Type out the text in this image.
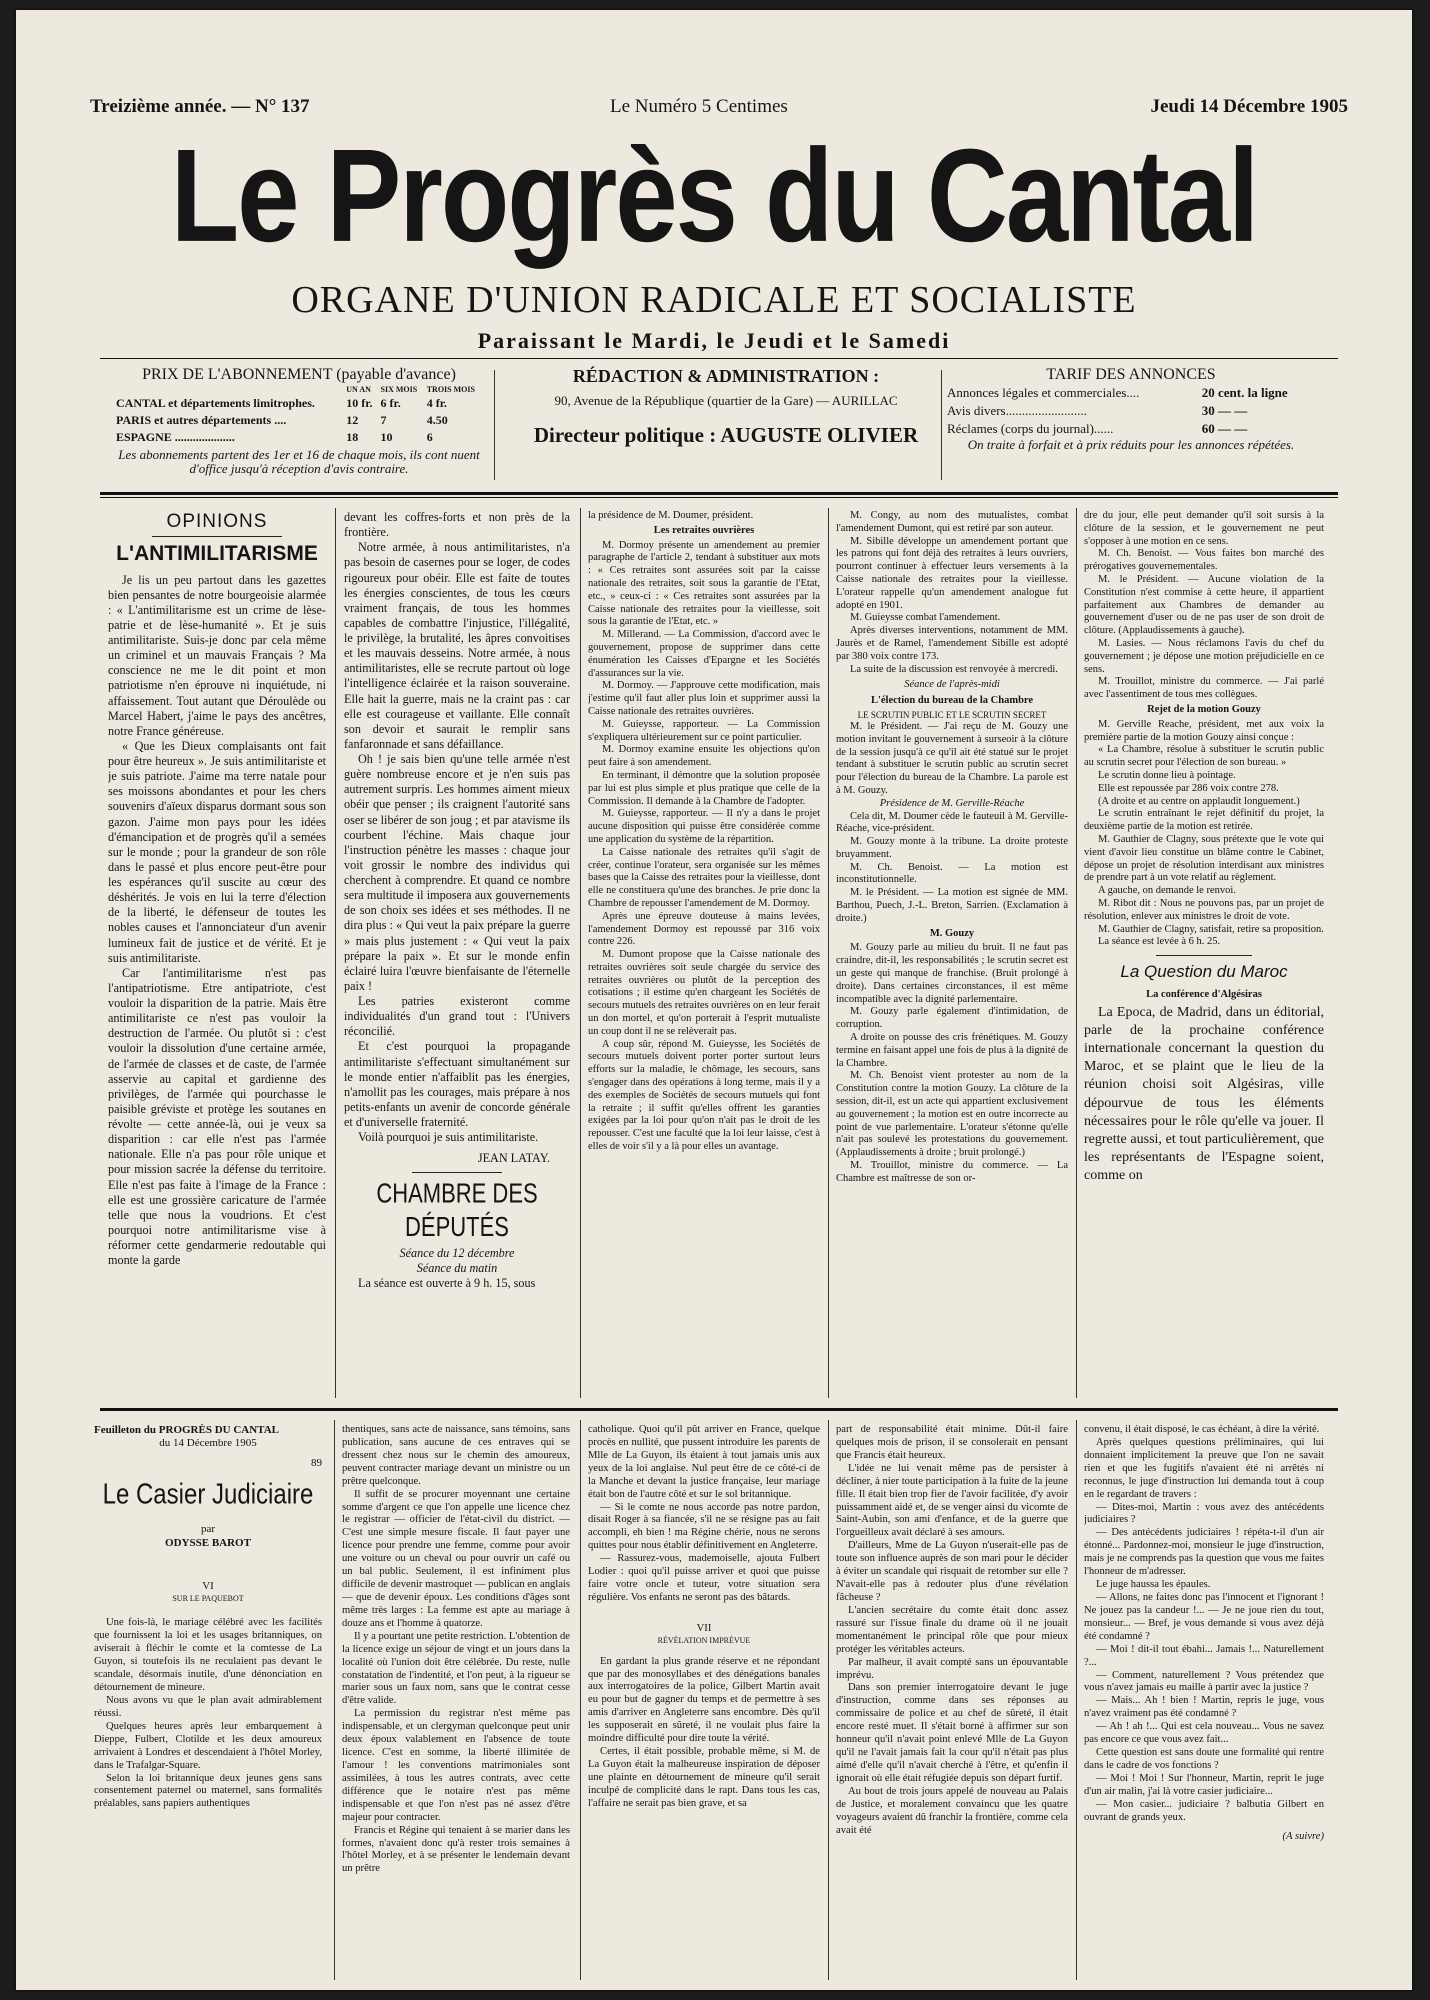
Treizième année. — N° 137	Le Numéro 5 Centimes	Jeudi 14 Décembre 1905
Le Progrès du Cantal
ORGANE D'UNION RADICALE ET SOCIALISTE
Paraissant le Mardi, le Jeudi et le Samedi
PRIX DE L'ABONNEMENT (payable d'avance)
	UN AN	SIX MOIS	TROIS MOIS
CANTAL et départements limitrophes.	10 fr.	6 fr.	4 fr.
PARIS et autres départements ....	12	7	4.50
ESPAGNE ....................	18	10	6
Les abonnements partent des 1er et 16 de chaque mois, ils cont nuent d'office jusqu'à réception d'avis contraire.
RÉDACTION & ADMINISTRATION :
90, Avenue de la République (quartier de la Gare) — AURILLAC
Directeur politique : AUGUSTE OLIVIER
TARIF DES ANNONCES
Annonces légales et commerciales....	20 cent. la ligne
Avis divers.........................	30 — —
Réclames (corps du journal)......	60 — —
On traite à forfait et à prix réduits pour les annonces répétées.
OPINIONS
L'ANTIMILITARISME

Je lis un peu partout dans les gazettes bien pensantes de notre bourgeoisie alarmée : « L'antimilitarisme est un crime de lèse-patrie et de lèse-humanité ». Et je suis antimilitariste. Suis-je donc par cela même un criminel et un mauvais Français ? Ma conscience ne me le dit point et mon patriotisme n'en éprouve ni inquiétude, ni affaissement. Tout autant que Déroulède ou Marcel Habert, j'aime le pays des ancêtres, notre France généreuse.

« Que les Dieux complaisants ont fait pour être heureux ». Je suis antimilitariste et je suis patriote. J'aime ma terre natale pour ses moissons abondantes et pour les chers souvenirs d'aïeux disparus dormant sous son gazon. J'aime mon pays pour les idées d'émancipation et de progrès qu'il a semées sur le monde ; pour la grandeur de son rôle dans le passé et plus encore peut-être pour les espérances qu'il suscite au cœur des déshérités. Je vois en lui la terre d'élection de la liberté, le défenseur de toutes les nobles causes et l'annonciateur d'un avenir lumineux fait de justice et de vérité. Et je suis antimilitariste.

Car l'antimilitarisme n'est pas l'antipatriotisme. Etre antipatriote, c'est vouloir la disparition de la patrie. Mais être antimilitariste ce n'est pas vouloir la destruction de l'armée. Ou plutôt si : c'est vouloir la dissolution d'une certaine armée, de l'armée de classes et de caste, de l'armée asservie au capital et gardienne des privilèges, de l'armée qui pourchasse le paisible gréviste et protège les soutanes en révolte — cette année-là, oui je veux sa disparition : car elle n'est pas l'armée nationale. Elle n'a pas pour rôle unique et pour mission sacrée la défense du territoire. Elle n'est pas faite à l'image de la France : elle est une grossière caricature de l'armée telle que nous la voudrions. Et c'est pourquoi notre antimilitarisme vise à réformer cette gendarmerie redoutable qui monte la garde

devant les coffres-forts et non près de la frontière.

Notre armée, à nous antimilitaristes, n'a pas besoin de casernes pour se loger, de codes rigoureux pour obéir. Elle est faite de toutes les énergies conscientes, de tous les cœurs vraiment français, de tous les hommes capables de combattre l'injustice, l'illégalité, le privilège, la brutalité, les âpres convoitises et les mauvais desseins. Notre armée, à nous antimilitaristes, elle se recrute partout où loge l'intelligence éclairée et la raison souveraine. Elle hait la guerre, mais ne la craint pas : car elle est courageuse et vaillante. Elle connaît son devoir et saurait le remplir sans fanfaronnade et sans défaillance.

Oh ! je sais bien qu'une telle armée n'est guère nombreuse encore et je n'en suis pas autrement surpris. Les hommes aiment mieux obéir que penser ; ils craignent l'autorité sans oser se libérer de son joug ; et par atavisme ils courbent l'échine. Mais chaque jour l'instruction pénètre les masses : chaque jour voit grossir le nombre des individus qui cherchent à comprendre. Et quand ce nombre sera multitude il imposera aux gouvernements de son choix ses idées et ses méthodes. Il ne dira plus : « Qui veut la paix prépare la guerre » mais plus justement : « Qui veut la paix prépare la paix ». Et sur le monde enfin éclairé luira l'œuvre bienfaisante de l'éternelle paix !

Les patries existeront comme individualités d'un grand tout : l'Univers réconcilié.

Et c'est pourquoi la propagande antimilitariste s'effectuant simultanément sur le monde entier n'affaiblit pas les énergies, n'amollit pas les courages, mais prépare à nos petits-enfants un avenir de concorde générale et d'universelle fraternité.

Voilà pourquoi je suis antimilitariste.

JEAN LATAY.
CHAMBRE DES DÉPUTÉS
Séance du 12 décembre
Séance du matin

La séance est ouverte à 9 h. 15, sous

la présidence de M. Doumer, président.

Les retraites ouvrières

M. Dormoy présente un amendement au premier paragraphe de l'article 2, tendant à substituer aux mots : « Ces retraites sont assurées soit par la caisse nationale des retraites, soit sous la garantie de l'Etat, etc., » ceux-ci : « Ces retraites sont assurées par la Caisse nationale des retraites pour la vieillesse, soit sous la garantie de l'Etat, etc. »

M. Millerand. — La Commission, d'accord avec le gouvernement, propose de supprimer dans cette énumération les Caisses d'Epargne et les Sociétés d'assurances sur la vie.

M. Dormoy. — J'approuve cette modification, mais j'estime qu'il faut aller plus loin et supprimer aussi la Caisse nationale des retraites ouvrières.

M. Guieysse, rapporteur. — La Commission s'expliquera ultérieurement sur ce point particulier.

M. Dormoy examine ensuite les objections qu'on peut faire à son amendement.

En terminant, il démontre que la solution proposée par lui est plus simple et plus pratique que celle de la Commission. Il demande à la Chambre de l'adopter.

M. Guieysse, rapporteur. — Il n'y a dans le projet aucune disposition qui puisse être considérée comme une application du système de la répartition.

La Caisse nationale des retraites qu'il s'agit de créer, continue l'orateur, sera organisée sur les mêmes bases que la Caisse des retraites pour la vieillesse, dont elle ne constituera qu'une des branches. Je prie donc la Chambre de repousser l'amendement de M. Dormoy.

Après une épreuve douteuse à mains levées, l'amendement Dormoy est repoussé par 316 voix contre 226.

M. Dumont propose que la Caisse nationale des retraites ouvrières soit seule chargée du service des retraites ouvrières ou plutôt de la perception des cotisations ; il estime qu'en chargeant les Sociétés de secours mutuels des retraites ouvrières on en leur ferait un don mortel, et qu'on porterait à l'esprit mutualiste un coup dont il ne se relèverait pas.

A coup sûr, répond M. Guieysse, les Sociétés de secours mutuels doivent porter porter surtout leurs efforts sur la maladie, le chômage, les secours, sans s'engager dans des opérations à long terme, mais il y a des exemples de Sociétés de secours mutuels qui font la retraite ; il suffit qu'elles offrent les garanties exigées par la loi pour qu'on n'ait pas le droit de les repousser. C'est une faculté que la loi leur laisse, c'est à elles de voir s'il y a là pour elles un avantage.

M. Congy, au nom des mutualistes, combat l'amendement Dumont, qui est retiré par son auteur.

M. Sibille développe un amendement portant que les patrons qui font déjà des retraites à leurs ouvriers, pourront continuer à effectuer leurs versements à la Caisse nationale des retraites pour la vieillesse. L'orateur rappelle qu'un amendement analogue fut adopté en 1901.

M. Guieysse combat l'amendement.

Après diverses interventions, notamment de MM. Jaurès et de Ramel, l'amendement Sibille est adopté par 380 voix contre 173.

La suite de la discussion est renvoyée à mercredi.

Séance de l'après-midi
L'élection du bureau de la Chambre
LE SCRUTIN PUBLIC ET LE SCRUTIN SECRET

M. le Président. — J'ai reçu de M. Gouzy une motion invitant le gouvernement à surseoir à la clôture de la session jusqu'à ce qu'il ait été statué sur le projet tendant à substituer le scrutin public au scrutin secret pour l'élection du bureau de la Chambre. La parole est à M. Gouzy.

Présidence de M. Gerville-Réache

Cela dit, M. Doumer cède le fauteuil à M. Gerville-Réache, vice-président.

M. Gouzy monte à la tribune. La droite proteste bruyamment.

M. Ch. Benoist. — La motion est inconstitutionnelle.

M. le Président. — La motion est signée de MM. Barthou, Puech, J.-L. Breton, Sarrien. (Exclamation à droite.)

M. Gouzy

M. Gouzy parle au milieu du bruit. Il ne faut pas craindre, dit-il, les responsabilités ; le scrutin secret est un geste qui manque de franchise. (Bruit prolongé à droite). Dans certaines circonstances, il est même incompatible avec la dignité parlementaire.

M. Gouzy parle également d'intimidation, de corruption.

A droite on pousse des cris frénétiques. M. Gouzy termine en faisant appel une fois de plus à la dignité de la Chambre.

M. Ch. Benoist vient protester au nom de la Constitution contre la motion Gouzy. La clôture de la session, dit-il, est un acte qui appartient exclusivement au gouvernement ; la motion est en outre incorrecte au point de vue parlementaire. L'orateur s'étonne qu'elle n'ait pas soulevé les protestations du gouvernement. (Applaudissements à droite ; bruit prolongé.)

M. Trouillot, ministre du commerce. — La Chambre est maîtresse de son or-

dre du jour, elle peut demander qu'il soit sursis à la clôture de la session, et le gouvernement ne peut s'opposer à une motion en ce sens.

M. Ch. Benoist. — Vous faites bon marché des prérogatives gouvernementales.

M. le Président. — Aucune violation de la Constitution n'est commise à cette heure, il appartient parfaitement aux Chambres de demander au gouvernement d'user ou de ne pas user de son droit de clôture. (Applaudissements à gauche).

M. Lasies. — Nous réclamons l'avis du chef du gouvernement ; je dépose une motion préjudicielle en ce sens.

M. Trouillot, ministre du commerce. — J'ai parlé avec l'assentiment de tous mes collègues.

Rejet de la motion Gouzy

M. Gerville Reache, président, met aux voix la première partie de la motion Gouzy ainsi conçue :

« La Chambre, résolue à substituer le scrutin public au scrutin secret pour l'élection de son bureau. »

Le scrutin donne lieu à pointage.

Elle est repoussée par 286 voix contre 278.

(A droite et au centre on applaudit longuement.)

Le scrutin entraînant le rejet définitif du projet, la deuxième partie de la motion est retirée.

M. Gauthier de Clagny, sous prétexte que le vote qui vient d'avoir lieu constitue un blâme contre le Cabinet, dépose un projet de résolution interdisant aux ministres de prendre part à un vote relatif au règlement.

A gauche, on demande le renvoi.

M. Ribot dit : Nous ne pouvons pas, par un projet de résolution, enlever aux ministres le droit de vote.

M. Gauthier de Clagny, satisfait, retire sa proposition.

La séance est levée à 6 h. 25.

La Question du Maroc
La conférence d'Algésiras

La Epoca, de Madrid, dans un éditorial, parle de la prochaine conférence internationale concernant la question du Maroc, et se plaint que le lieu de la réunion choisi soit Algésiras, ville dépourvue de tous les éléments nécessaires pour le rôle qu'elle va jouer. Il regrette aussi, et tout particulièrement, que les représentants de l'Espagne soient, comme on

Feuilleton du PROGRÈS DU CANTAL
du 14 Décembre 1905
89
Le Casier Judiciaire
par
ODYSSE BAROT
VI
SUR LE PAQUEBOT

Une fois-là, le mariage célébré avec les facilités que fournissent la loi et les usages britanniques, on aviserait à fléchir le comte et la comtesse de La Guyon, si toutefois ils ne reculaient pas devant le scandale, désormais inutile, d'une dénonciation en détournement de mineure.

Nous avons vu que le plan avait admirablement réussi.

Quelques heures après leur embarquement à Dieppe, Fulbert, Clotilde et les deux amoureux arrivaient à Londres et descendaient à l'hôtel Morley, dans le Trafalgar-Square.

Selon la loi britannique deux jeunes gens sans consentement paternel ou maternel, sans formalités préalables, sans papiers authentiques

thentiques, sans acte de naissance, sans témoins, sans publication, sans aucune de ces entraves qui se dressent chez nous sur le chemin des amoureux, peuvent contracter mariage devant un ministre ou un prêtre quelconque.

Il suffit de se procurer moyennant une certaine somme d'argent ce que l'on appelle une licence chez le registrar — officier de l'état-civil du district. — C'est une simple mesure fiscale. Il faut payer une licence pour prendre une femme, comme pour avoir une voiture ou un cheval ou pour ouvrir un café ou un bal public. Seulement, il est infiniment plus difficile de devenir mastroquet — publican en anglais — que de devenir époux. Les conditions d'âges sont même très larges : La femme est apte au mariage à douze ans et l'homme à quatorze.

Il y a pourtant une petite restriction. L'obtention de la licence exige un séjour de vingt et un jours dans la localité où l'union doit être célébrée. Du reste, nulle constatation de l'indentité, et l'on peut, à la rigueur se marier sous un faux nom, sans que le contrat cesse d'être valide.

La permission du registrar n'est même pas indispensable, et un clergyman quelconque peut unir deux époux valablement en l'absence de toute licence. C'est en somme, la liberté illimitée de l'amour ! les conventions matrimoniales sont assimilées, à tous les autres contrats, avec cette différence que le notaire n'est pas même indispensable et que l'on n'est pas né assez d'être majeur pour contracter.

Francis et Régine qui tenaient à se marier dans les formes, n'avaient donc qu'à rester trois semaines à l'hôtel Morley, et à se présenter le lendemain devant un prêtre

catholique. Quoi qu'il pût arriver en France, quelque procès en nullité, que pussent introduire les parents de Mlle de La Guyon, ils étaient à tout jamais unis aux yeux de la loi anglaise. Nul peut être de ce côté-ci de la Manche et devant la justice française, leur mariage était bon de l'autre côté et sur le sol britannique.

— Si le comte ne nous accorde pas notre pardon, disait Roger à sa fiancée, s'il ne se résigne pas au fait accompli, eh bien ! ma Régine chérie, nous ne serons quittes pour nous établir définitivement en Angleterre.

— Rassurez-vous, mademoiselle, ajouta Fulbert Lodier : quoi qu'il puisse arriver et quoi que puisse faire votre oncle et tuteur, votre situation sera régulière. Vos enfants ne seront pas des bâtards.

VII
RÉVÉLATION IMPRÉVUE

En gardant la plus grande réserve et ne répondant que par des monosyllabes et des dénégations banales aux interrogatoires de la police, Gilbert Martin avait eu pour but de gagner du temps et de permettre à ses amis d'arriver en Angleterre sans encombre. Dès qu'il les supposerait en sûreté, il ne voulait plus faire la moindre difficulté pour dire toute la vérité.

Certes, il était possible, probable même, si M. de La Guyon était la malheureuse inspiration de déposer une plainte en détournement de mineure qu'il serait inculpé de complicité dans le rapt. Dans tous les cas, l'affaire ne serait pas bien grave, et sa

part de responsabilité était minime. Dût-il faire quelques mois de prison, il se consolerait en pensant que Francis était heureux.

L'idée ne lui venait même pas de persister à décliner, à nier toute participation à la fuite de la jeune fille. Il était bien trop fier de l'avoir facilitée, d'y avoir puissamment aidé et, de se venger ainsi du vicomte de Saint-Aubin, son ami d'enfance, et de la guerre que l'orgueilleux avait déclaré à ses amours.

D'ailleurs, Mme de La Guyon n'userait-elle pas de toute son influence auprès de son mari pour le décider à éviter un scandale qui risquait de retomber sur elle ? N'avait-elle pas à redouter plus d'une révélation fâcheuse ?

L'ancien secrétaire du comte était donc assez rassuré sur l'issue finale du drame où il ne jouait momentanément le principal rôle que pour mieux protéger les véritables acteurs.

Par malheur, il avait compté sans un épouvantable imprévu.

Dans son premier interrogatoire devant le juge d'instruction, comme dans ses réponses au commissaire de police et au chef de sûreté, il était encore resté muet. Il s'était borné à affirmer sur son honneur qu'il n'avait point enlevé Mlle de La Guyon qu'il ne l'avait jamais fait la cour qu'il n'était pas plus aimé d'elle qu'il n'avait cherché à l'être, et qu'enfin il ignorait où elle était réfugiée depuis son départ furtif.

Au bout de trois jours appelé de nouveau au Palais de Justice, et moralement convaincu que les quatre voyageurs avaient dû franchir la frontière, comme cela avait été

convenu, il était disposé, le cas échéant, à dire la vérité.

Après quelques questions préliminaires, qui lui donnaient implicitement la preuve que l'on ne savait rien et que les fugitifs n'avaient été ni arrêtés ni reconnus, le juge d'instruction lui demanda tout à coup en le regardant de travers :

— Dites-moi, Martin : vous avez des antécédents judiciaires ?

— Des antécédents judiciaires ! répéta-t-il d'un air étonné... Pardonnez-moi, monsieur le juge d'instruction, mais je ne comprends pas la question que vous me faites l'honneur de m'adresser.

Le juge haussa les épaules.

— Allons, ne faites donc pas l'innocent et l'ignorant ! Ne jouez pas la candeur !... — Je ne joue rien du tout, monsieur... — Bref, je vous demande si vous avez déjà été condamné ?

— Moi ! dit-il tout ébahi... Jamais !... Naturellement ?...

— Comment, naturellement ? Vous prétendez que vous n'avez jamais eu maille à partir avec la justice ?

— Mais... Ah ! bien ! Martin, repris le juge, vous n'avez vraiment pas été condamné ?

— Ah ! ah !... Qui est cela nouveau... Vous ne savez pas encore ce que vous avez fait...

Cette question est sans doute une formalité qui rentre dans le cadre de vos fonctions ?

— Moi ! Moi ! Sur l'honneur, Martin, reprit le juge d'un air malin, j'ai là votre casier judiciaire...

— Mon casier... judiciaire ? balbutia Gilbert en ouvrant de grands yeux.

(A suivre)
